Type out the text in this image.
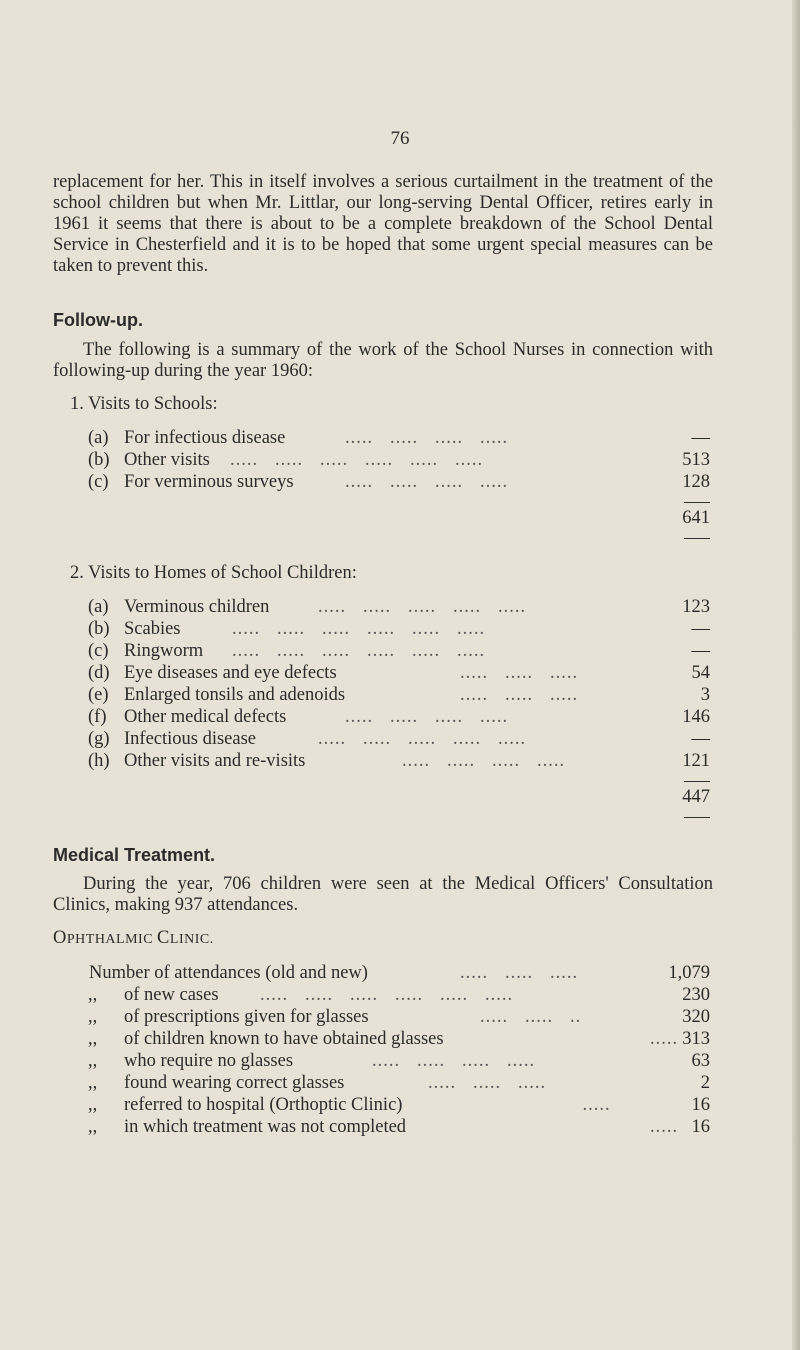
76

replacement for her. This in itself involves a serious curtailment in the treatment of the school children but when Mr. Littlar, our long-serving Dental Officer, retires early in 1961 it seems that there is about to be a complete breakdown of the School Dental Service in Chesterfield and it is to be hoped that some urgent special measures can be taken to prevent this.

Follow-up.

The following is a summary of the work of the School Nurses in connection with following-up during the year 1960:

1. Visits to Schools:
(a) For infectious disease	.....   .....   .....   .....	—
(b) Other visits .....   .....   .....   .....   .....   .....	513
(c) For verminous surveys	.....   .....   .....   .....	128
641
2. Visits to Homes of School Children:
(a) Verminous children	.....   .....   .....   .....   .....	123
(b) Scabies	.....   .....   .....   .....   .....   .....	—
(c) Ringworm .....   .....   .....   .....   .....   .....	—
(d) Eye diseases and eye defects	.....   .....   .....	54
(e) Enlarged tonsils and adenoids	.....   .....   .....	3
(f) Other medical defects	.....   .....   .....   .....	146
(g) Infectious disease	.....   .....   .....   .....   .....	—
(h) Other visits and re-visits	.....   .....   .....   .....	121
447
Medical Treatment.

During the year, 706 children were seen at the Medical Officers' Consultation Clinics, making 937 attendances.

OPHTHALMIC CLINIC.
Number of attendances (old and new)	.....   .....   .....	1,079
,, of new cases .....   .....   .....   .....   .....   .....	230
,, of prescriptions given for glasses	.....   .....   ..	320
,, of children known to have obtained glasses	..... 313
,, who require no glasses	.....   .....   .....   .....	63
,, found wearing correct glasses	.....   .....   .....	2
,, referred to hospital (Orthoptic Clinic)	.....	16
,, in which treatment was not completed	..... 16
